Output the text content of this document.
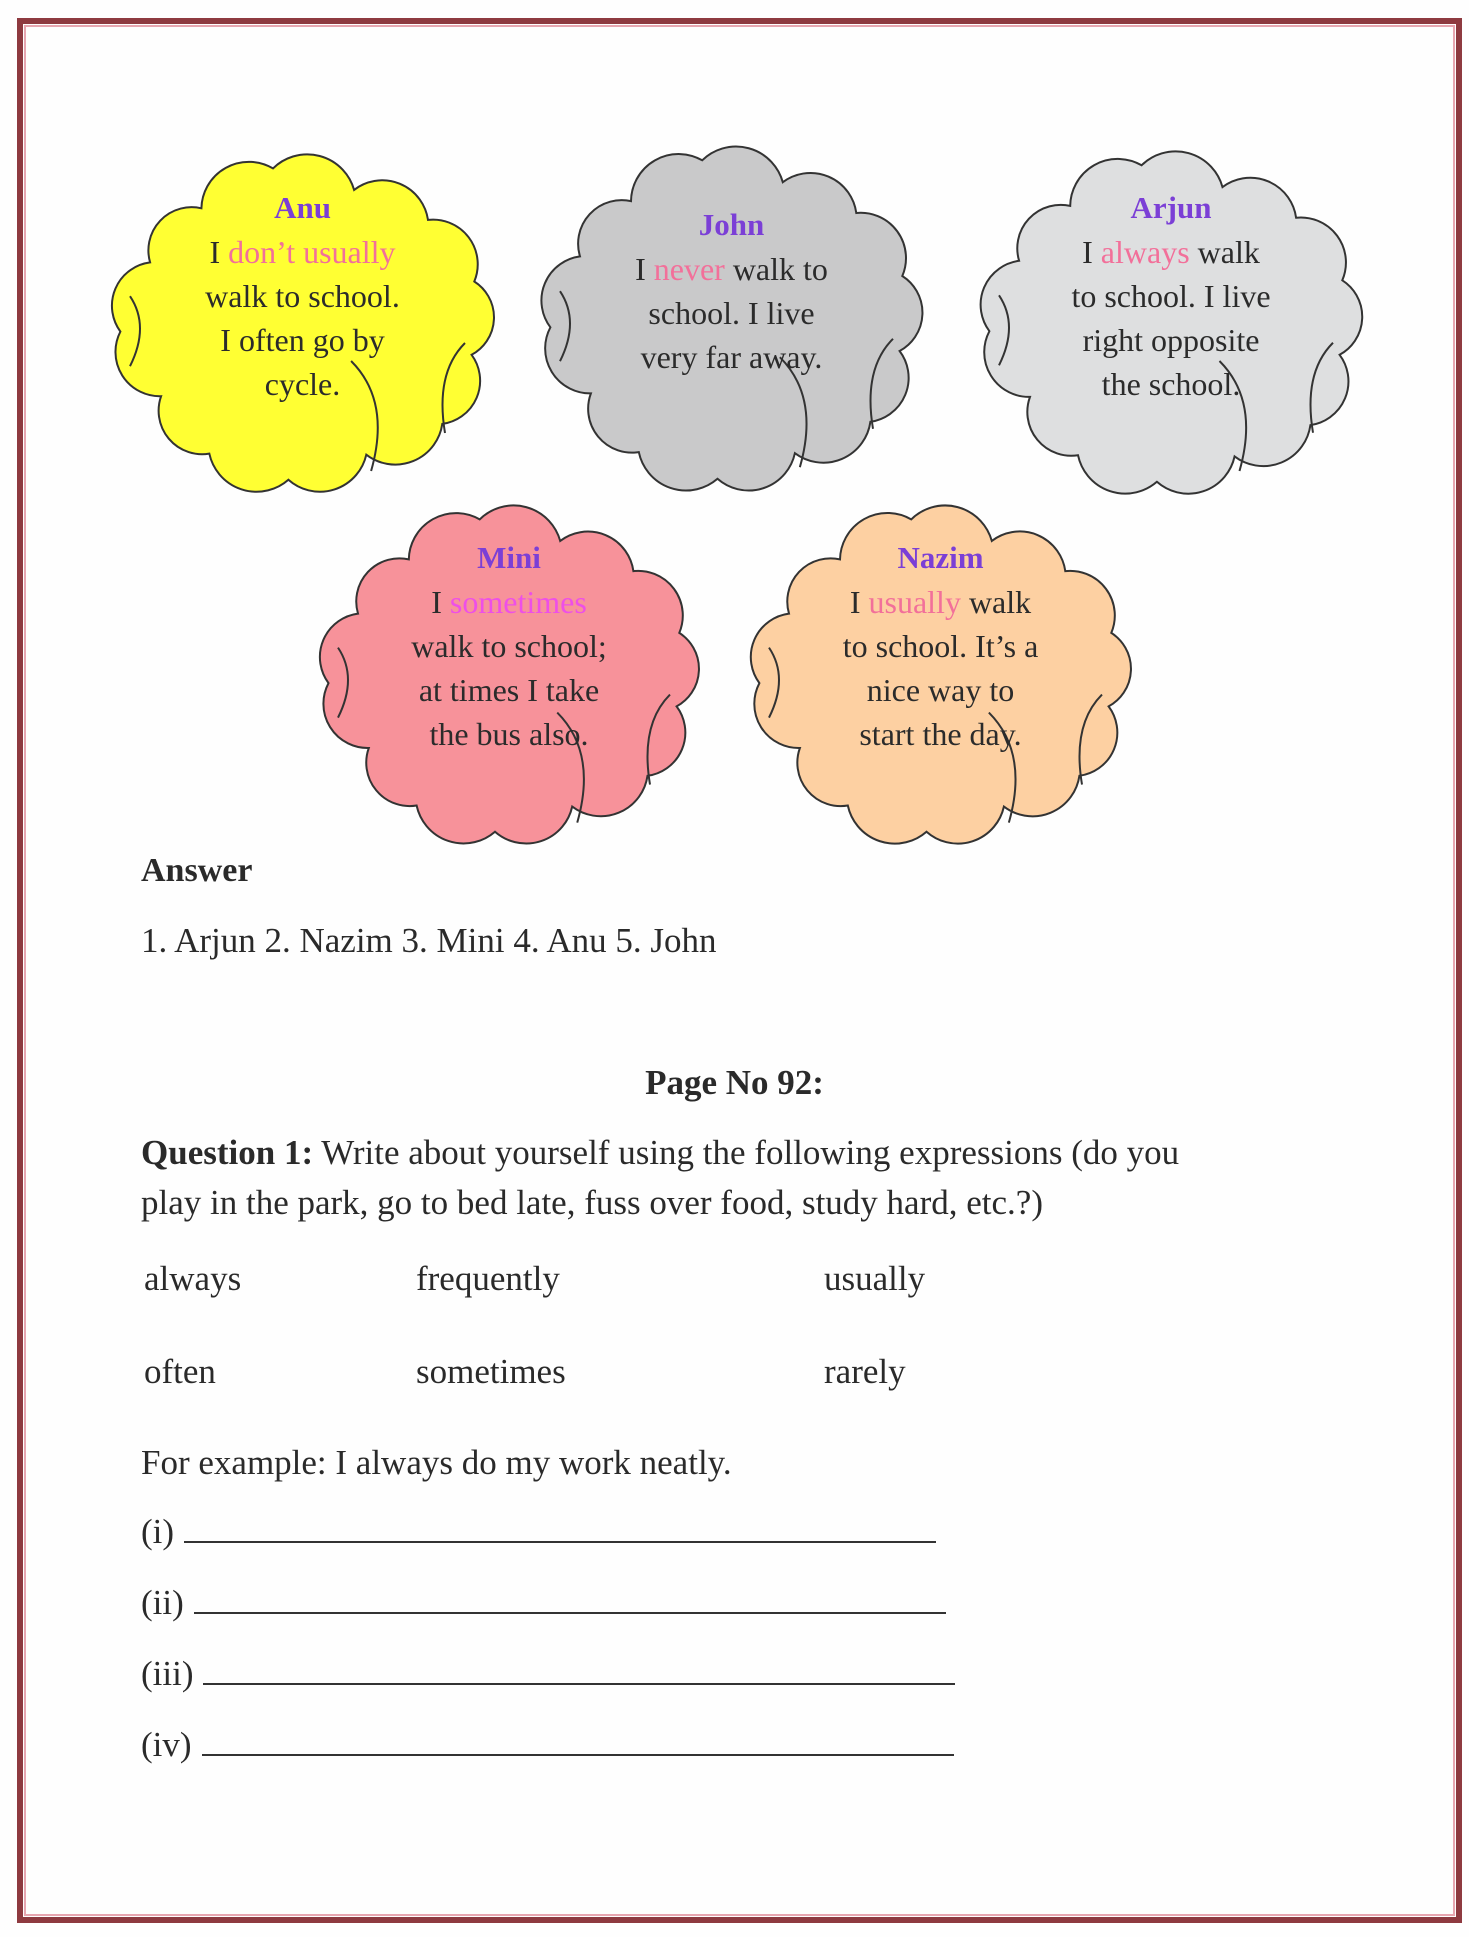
Anu
I don’t usually
walk to school.
I often go by
cycle.
John
I never walk to
school. I live
very far away.
Arjun
I always walk
to school. I live
right opposite
the school.
Mini
I sometimes
walk to school;
at times I take
the bus also.
Nazim
I usually walk
to school. It’s a
nice way to
start the day.
Answer
1. Arjun 2. Nazim 3. Mini 4. Anu 5. John
Page No 92:
Question 1: Write about yourself using the following expressions (do you
play in the park, go to bed late, fuss over food, study hard, etc.?)
always	frequently	usually
often	sometimes	rarely
For example: I always do my work neatly.
(i)
(ii)
(iii)
(iv)
